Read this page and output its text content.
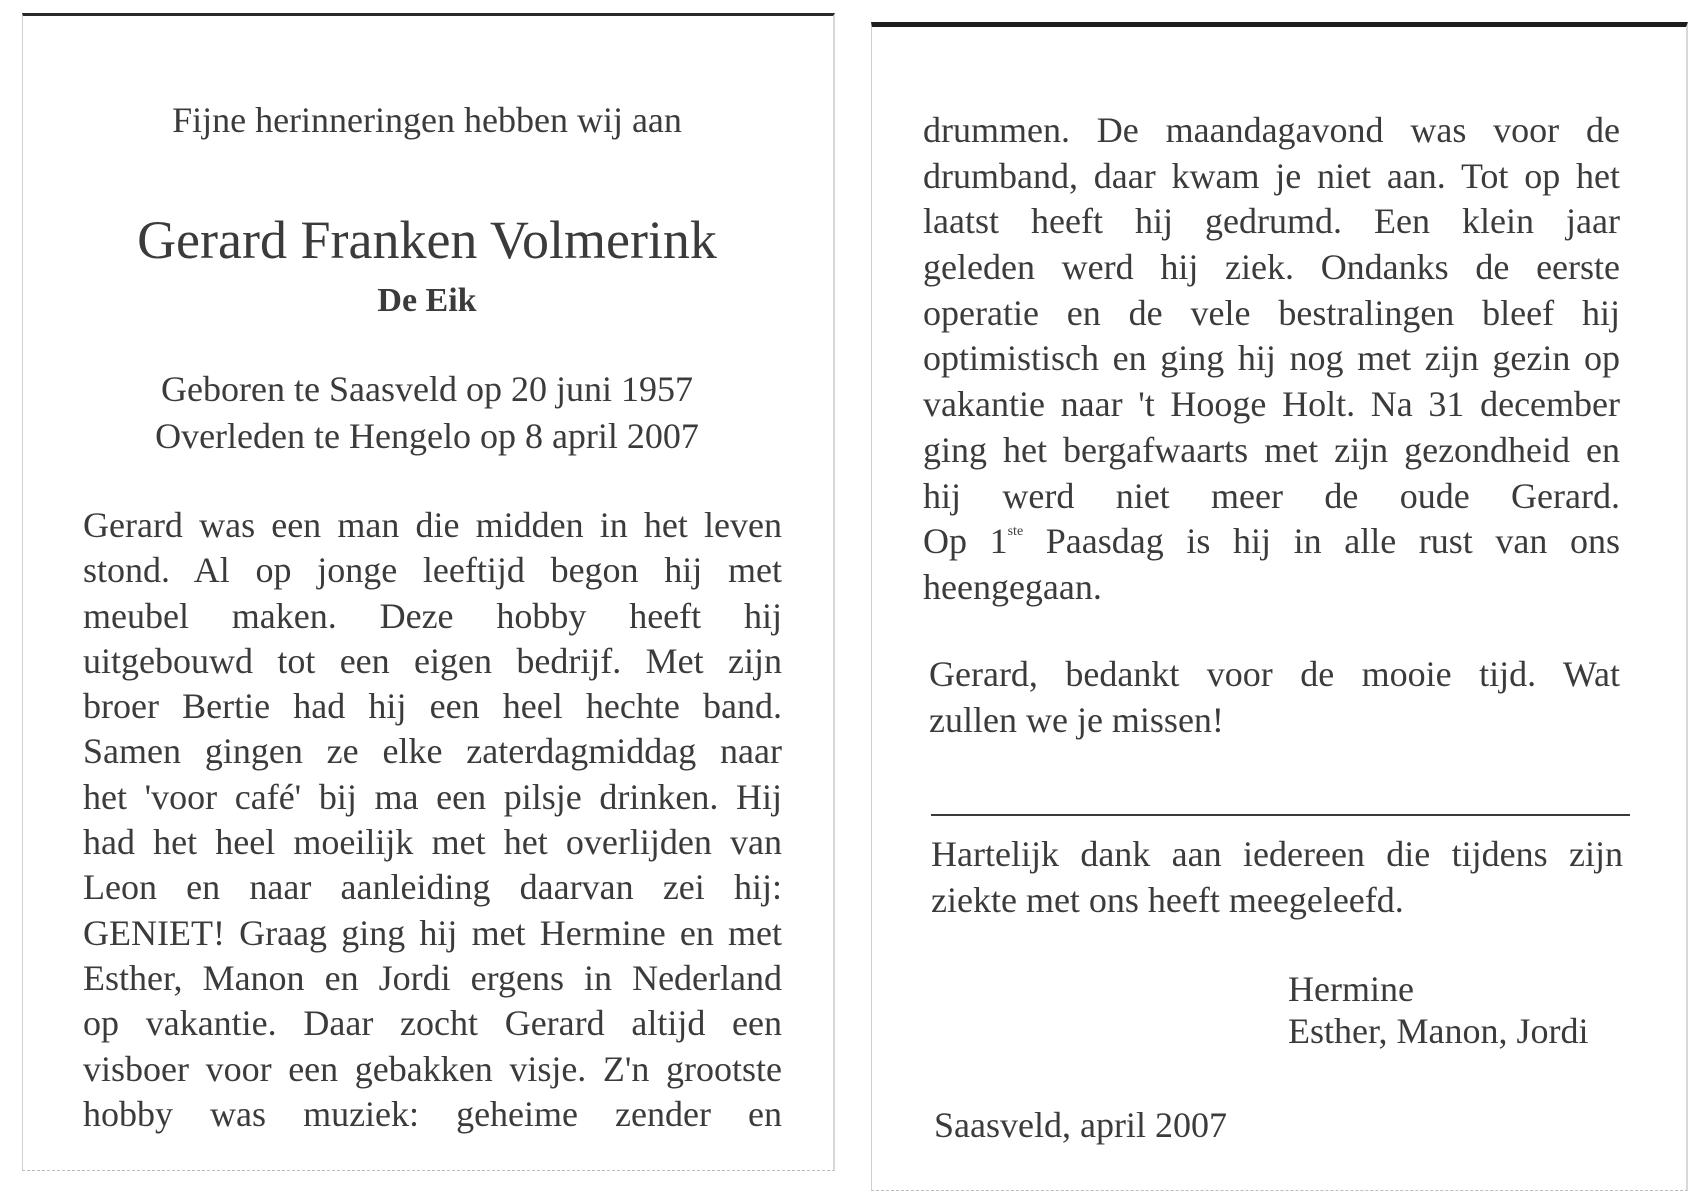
Fijne herinneringen hebben wij aan
Gerard Franken Volmerink
De Eik
Geboren te Saasveld op 20 juni 1957
Overleden te Hengelo op 8 april 2007
Gerard was een man die midden in het leven
stond. Al op jonge leeftijd begon hij met
meubel maken. Deze hobby heeft hij
uitgebouwd tot een eigen bedrijf. Met zijn
broer Bertie had hij een heel hechte band.
Samen gingen ze elke zaterdagmiddag naar
het 'voor café' bij ma een pilsje drinken. Hij
had het heel moeilijk met het overlijden van
Leon en naar aanleiding daarvan zei hij:
GENIET! Graag ging hij met Hermine en met
Esther, Manon en Jordi ergens in Nederland
op vakantie. Daar zocht Gerard altijd een
visboer voor een gebakken visje. Z'n grootste
hobby was muziek: geheime zender en
drummen. De maandagavond was voor de
drumband, daar kwam je niet aan. Tot op het
laatst heeft hij gedrumd. Een klein jaar
geleden werd hij ziek. Ondanks de eerste
operatie en de vele bestralingen bleef hij
optimistisch en ging hij nog met zijn gezin op
vakantie naar 't Hooge Holt. Na 31 december
ging het bergafwaarts met zijn gezondheid en
hij werd niet meer de oude Gerard.
Op 1ste Paasdag is hij in alle rust van ons
heengegaan.
Gerard, bedankt voor de mooie tijd. Wat
zullen we je missen!
Hartelijk dank aan iedereen die tijdens zijn
ziekte met ons heeft meegeleefd.
Hermine
Esther, Manon, Jordi
Saasveld, april 2007
